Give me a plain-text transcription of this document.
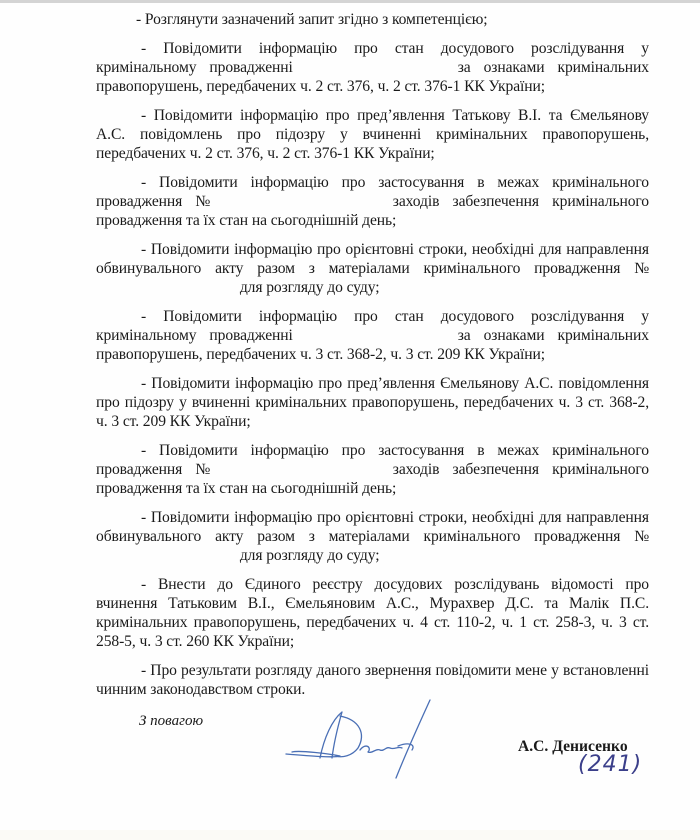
- Розглянути зазначений запит згідно з компетенцією;

- Повідомити інформацію про стан досудового розслідування у кримінальному провадженні	за ознаками кримінальних правопорушень, передбачених ч. 2 ст. 376, ч. 2 ст. 376-1 КК України;

- Повідомити інформацію про пред’явлення Татькову В.І. та Ємельянову А.С. повідомлень про підозру у вчиненні кримінальних правопорушень, передбачених ч. 2 ст. 376, ч. 2 ст. 376-1 КК України;

- Повідомити інформацію про застосування в межах кримінального провадження №	заходів забезпечення кримінального провадження та їх стан на сьогоднішній день;

- Повідомити інформацію про орієнтовні строки, необхідні для направлення обвинувального акту разом з матеріалами кримінального провадження № для розгляду до суду;

- Повідомити інформацію про стан досудового розслідування у кримінальному провадженні	за ознаками кримінальних правопорушень, передбачених ч. 3 ст. 368-2, ч. 3 ст. 209 КК України;

- Повідомити інформацію про пред’явлення Ємельянову А.С. повідомлення про підозру у вчиненні кримінальних правопорушень, передбачених ч. 3 ст. 368-2, ч. 3 ст. 209 КК України;

- Повідомити інформацію про застосування в межах кримінального провадження №	заходів забезпечення кримінального провадження та їх стан на сьогоднішній день;

- Повідомити інформацію про орієнтовні строки, необхідні для направлення обвинувального акту разом з матеріалами кримінального провадження № для розгляду до суду;

- Внести до Єдиного реєстру досудових розслідувань відомості про вчинення Татьковим В.І., Ємельяновим А.С., Мурахвер Д.С. та Малік П.С. кримінальних правопорушень, передбачених ч. 4 ст. 110-2, ч. 1 ст. 258-3, ч. 3 ст. 258-5, ч. 3 ст. 260 КК України;

- Про результати розгляду даного звернення повідомити мене у встановленні чинним законодавством строки.

З повагою
А.С. Денисенко
(241)
